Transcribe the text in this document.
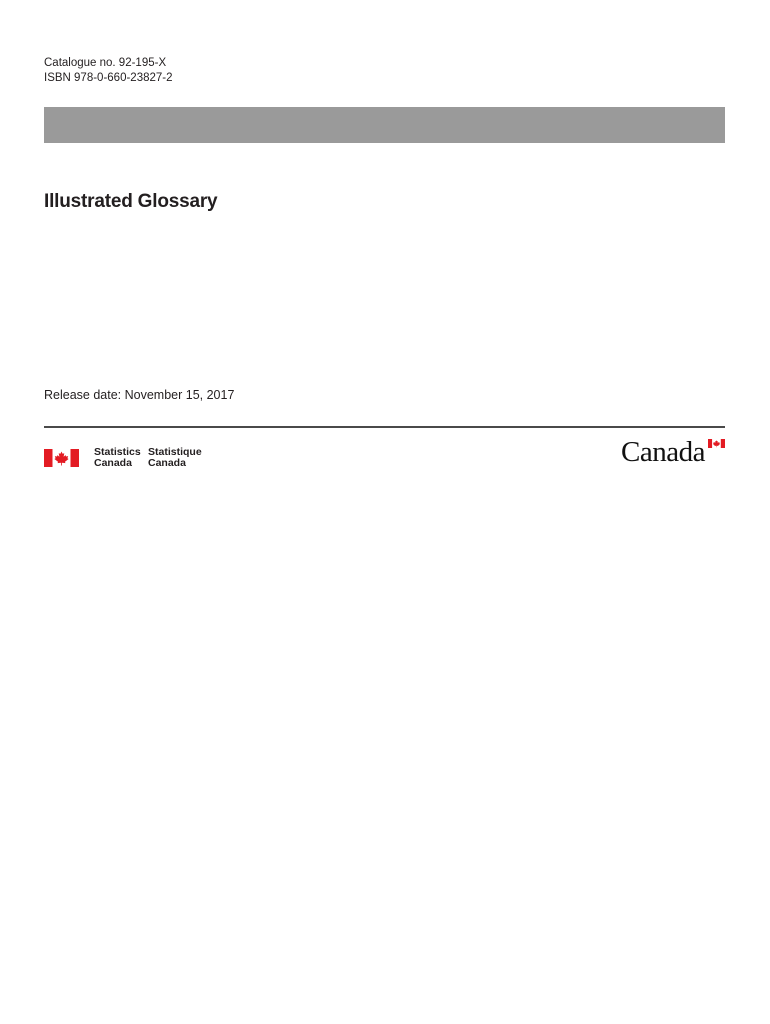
Catalogue no. 92-195-X
ISBN 978-0-660-23827-2
Illustrated Glossary
Release date: November 15, 2017
Statistics
Canada
Statistique
Canada	Canada
